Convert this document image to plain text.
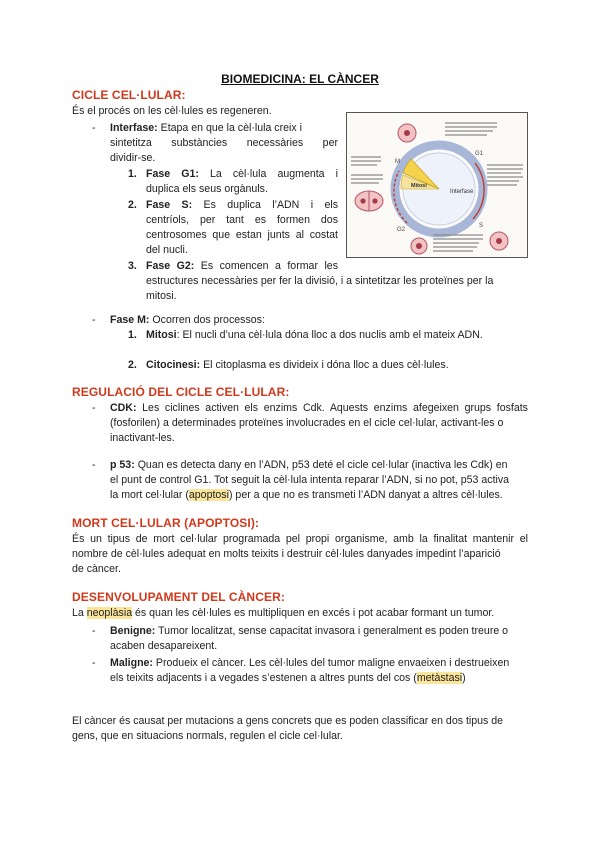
BIOMEDICINA: EL CÀNCER
CICLE CEL·LULAR:
És el procés on les cèl·lules es regeneren.
-	Interfase: Etapa en que la cèl·lula creix i
sintetitza substàncies necessàries per
dividir-se.
1. Fase G1: La cèl·lula augmenta i
duplica els seus orgànuls.
2. Fase S: Es duplica l’ADN i els
centríols, per tant es formen dos
centrosomes que estan junts al costat
del nucli.
3. Fase G2: Es comencen a formar les
estructures necessàries per fer la divisió, i a sintetitzar les proteïnes per la
mitosi.
-	Fase M: Ocorren dos processos:
1. Mitosi: El nucli d’una cèl·lula dóna lloc a dos nuclis amb el mateix ADN.
2. Citocinesi: El citoplasma es divideix i dóna lloc a dues cèl·lules.
Interfase
Mitosi
G1
S
G2
M
REGULACIÓ DEL CICLE CEL·LULAR:
-	CDK: Les ciclines activen els enzims Cdk. Aquests enzims afegeixen grups fosfats
(fosforilen) a determinades proteïnes involucrades en el cicle cel·lular, activant-les o
inactivant-les.
-	p 53: Quan es detecta dany en l’ADN, p53 deté el cicle cel·lular (inactiva les Cdk) en
el punt de control G1. Tot seguit la cèl·lula intenta reparar l’ADN, si no pot, p53 activa
la mort cel·lular (apoptosi) per a que no es transmeti l’ADN danyat a altres cèl·lules.
MORT CEL·LULAR (APOPTOSI):
És un tipus de mort cel·lular programada pel propi organisme, amb la finalitat mantenir el
nombre de cèl·lules adequat en molts teixits i destruir cèl·lules danyades impedint l’aparició
de càncer.
DESENVOLUPAMENT DEL CÀNCER:
La neoplàsia és quan les cèl·lules es multipliquen en excés i pot acabar formant un tumor.
-	Benigne: Tumor localitzat, sense capacitat invasora i generalment es poden treure o
acaben desapareixent.
-	Maligne: Produeix el càncer. Les cèl·lules del tumor maligne envaeixen i destrueixen
els teixits adjacents i a vegades s’estenen a altres punts del cos (metàstasi)
El càncer és causat per mutacions a gens concrets que es poden classificar en dos tipus de
gens, que en situacions normals, regulen el cicle cel·lular.
